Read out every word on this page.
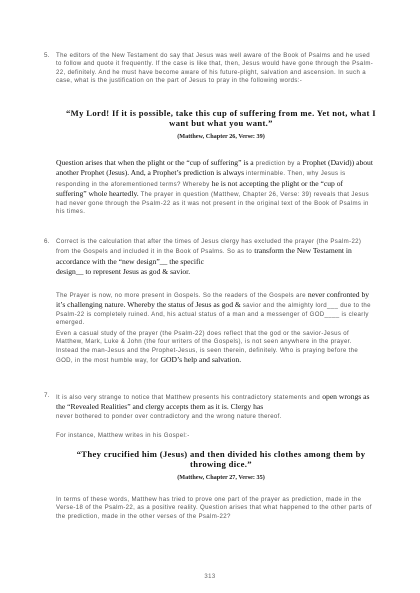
5. The editors of the New Testament do say that Jesus was well aware of the Book of Psalms and he used to follow and quote it frequently. If the case is like that, then, Jesus would have gone through the Psalm-22, definitely. And he must have become aware of his future-plight, salvation and ascension. In such a case, what is the justification on the part of Jesus to pray in the following words:-

“My Lord! If it is possible, take this cup of suffering from me. Yet not, what I want but what you want.”

(Matthew, Chapter 26, Verse: 39)

Question arises that when the plight or the “cup of suffering” is a prediction by a Prophet (David)) about another Prophet (Jesus). And, a Prophet’s prediction is always interminable. Then, why Jesus is responding in the aforementioned terms? Whereby he is not accepting the plight or the “cup of suffering” whole heartedly. The prayer in question (Matthew, Chapter 26, Verse: 39) reveals that Jesus had never gone through the Psalm-22 as it was not present in the original text of the Book of Psalms in his times.

6. Correct is the calculation that after the times of Jesus clergy has excluded the prayer (the Psalm-22) from the Gospels and included it in the Book of Psalms. So as to transform the New Testament in accordance with the “new design”__ the specific
design__ to represent Jesus as god & savior.

The Prayer is now, no more present in Gospels. So the readers of the Gospels are never confronted by it’s challenging nature. Whereby the status of Jesus as god & savior and the almighty lord___ due to the Psalm-22 is completely ruined. And, his actual status of a man and a messenger of GOD____ is clearly emerged.

Even a casual study of the prayer (the Psalm-22) does reflect that the god or the savior-Jesus of Matthew, Mark, Luke & John (the four writers of the Gospels), is not seen anywhere in the prayer. Instead the man-Jesus and the Prophet-Jesus, is seen therein, definitely. Who is praying before the GOD, in the most humble way, for GOD’s help and salvation.

7. It is also very strange to notice that Matthew presents his contradictory statements and open wrongs as the “Revealed Realities” and clergy accepts them as it is. Clergy has
never bothered to ponder over contradictory and the wrong nature thereof.

For instance, Matthew writes in his Gospel:-

“They crucified him (Jesus) and then divided his clothes among them by throwing dice.”

(Matthew, Chapter 27, Verse: 35)

In terms of these words, Matthew has tried to prove one part of the prayer as prediction, made in the Verse-18 of the Psalm-22, as a positive reality. Question arises that what happened to the other parts of the prediction, made in the other verses of the Psalm-22?

313
